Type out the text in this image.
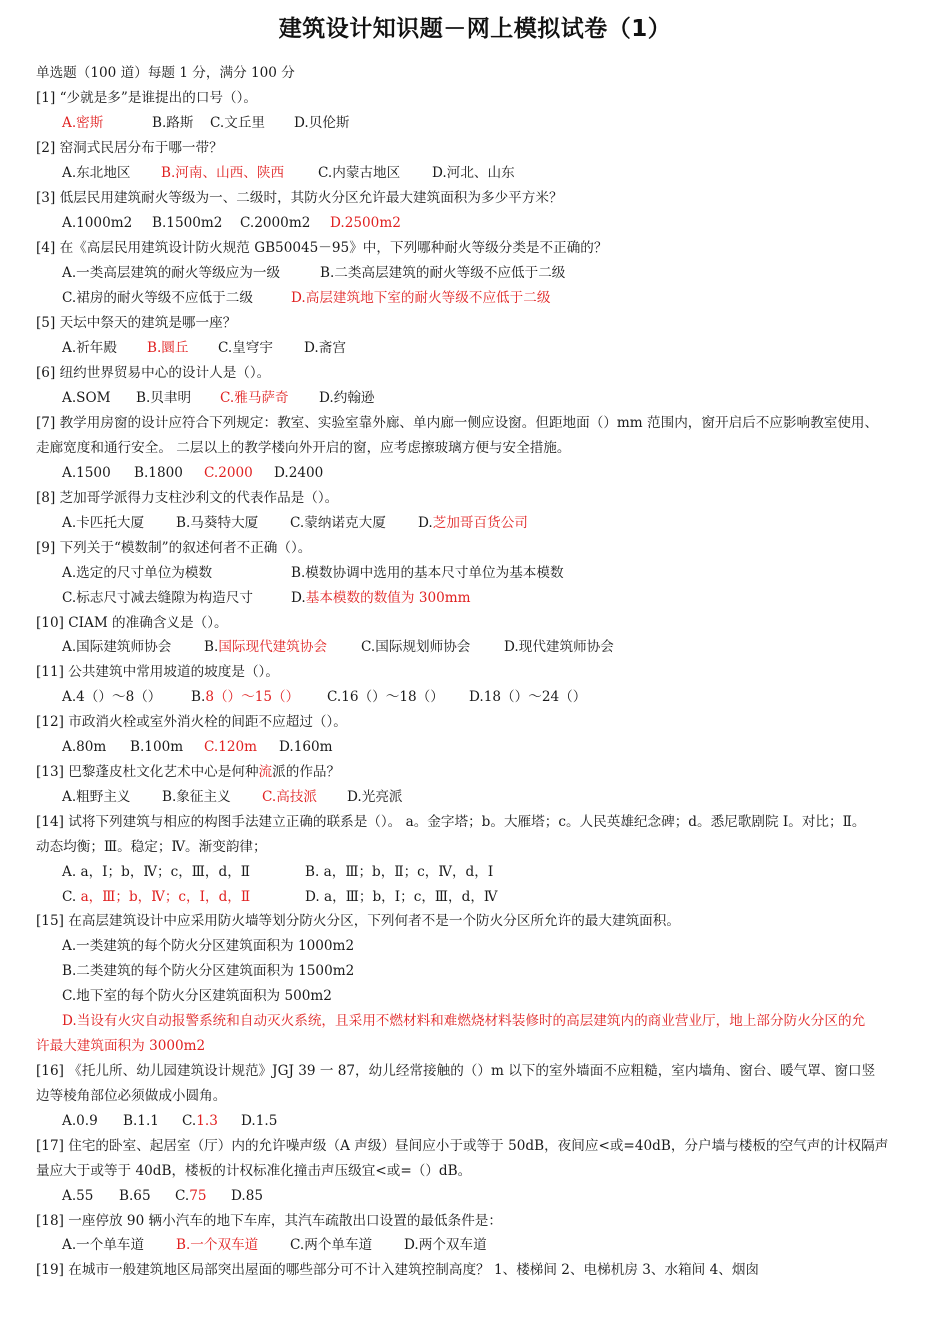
建筑设计知识题－网上模拟试卷（1）
单选题（100 道）每题 1 分，满分 100 分
[1] “少就是多”是谁提出的口号（）。
A.密斯	B.路斯 C.文丘里 D.贝伦斯
[2] 窑洞式民居分布于哪一带？
A.东北地区 B.河南、山西、陕西 C.内蒙古地区 D.河北、山东
[3] 低层民用建筑耐火等级为一、二级时，其防火分区允许最大建筑面积为多少平方米？
A.1000m2 B.1500m2 C.2000m2 D.2500m2
[4] 在《高层民用建筑设计防火规范 GB50045－95》中，下列哪种耐火等级分类是不正确的？
A.一类高层建筑的耐火等级应为一级	B.二类高层建筑的耐火等级不应低于二级
C.裙房的耐火等级不应低于二级	D.高层建筑地下室的耐火等级不应低于二级
[5] 天坛中祭天的建筑是哪一座？
A.祈年殿 B.圜丘 C.皇穹宇 D.斋宫
[6] 纽约世界贸易中心的设计人是（）。
A.SOM B.贝聿明 C.雅马萨奇 D.约翰逊
[7] 教学用房窗的设计应符合下列规定：教室、实验室靠外廊、单内廊一侧应设窗。但距地面（）mm 范围内，窗开启后不应影响教室使用、
走廊宽度和通行安全。 二层以上的教学楼向外开启的窗，应考虑擦玻璃方便与安全措施。
A.1500 B.1800 C.2000 D.2400
[8] 芝加哥学派得力支柱沙利文的代表作品是（）。
A.卡匹托大厦 B.马葵特大厦 C.蒙纳诺克大厦 D.芝加哥百货公司
[9] 下列关于“模数制”的叙述何者不正确（）。
A.选定的尺寸单位为模数	B.模数协调中选用的基本尺寸单位为基本模数
C.标志尺寸减去缝隙为构造尺寸	D.基本模数的数值为 300mm
[10] CIAM 的准确含义是（）。
A.国际建筑师协会 B.国际现代建筑协会 C.国际规划师协会 D.现代建筑师协会
[11] 公共建筑中常用坡道的坡度是（）。
A.4（）～8（） B.8（）～15（） C.16（）～18（） D.18（）～24（）
[12] 市政消火栓或室外消火栓的间距不应超过（）。
A.80m B.100m C.120m D.160m
[13] 巴黎蓬皮杜文化艺术中心是何种流派的作品？
A.粗野主义 B.象征主义 C.高技派 D.光亮派
[14] 试将下列建筑与相应的构图手法建立正确的联系是（）。 a。金字塔；b。大雁塔；c。人民英雄纪念碑；d。悉尼歌剧院 Ⅰ。对比；Ⅱ。
动态均衡；Ⅲ。稳定；Ⅳ。渐变韵律；
A. a，Ⅰ；b，Ⅳ；c，Ⅲ，d，Ⅱ	B. a，Ⅲ；b，Ⅱ；c，Ⅳ，d，Ⅰ
C. a，Ⅲ；b，Ⅳ；c，Ⅰ，d，Ⅱ	D. a，Ⅲ；b，Ⅰ；c，Ⅲ，d，Ⅳ
[15] 在高层建筑设计中应采用防火墙等划分防火分区，下列何者不是一个防火分区所允许的最大建筑面积。
A.一类建筑的每个防火分区建筑面积为 1000m2
B.二类建筑的每个防火分区建筑面积为 1500m2
C.地下室的每个防火分区建筑面积为 500m2
D.当设有火灾自动报警系统和自动灭火系统，且采用不燃材料和难燃烧材料装修时的高层建筑内的商业营业厅，地上部分防火分区的允
许最大建筑面积为 3000m2
[16] 《托儿所、幼儿园建筑设计规范》JGJ 39 一 87，幼儿经常接触的（）m 以下的室外墙面不应粗糙，室内墙角、窗台、暖气罩、窗口竖
边等棱角部位必须做成小圆角。
A.0.9 B.1.1 C.1.3 D.1.5
[17] 住宅的卧室、起居室（厅）内的允许噪声级（A 声级）昼间应小于或等于 50dB，夜间应<或=40dB，分户墙与楼板的空气声的计权隔声
量应大于或等于 40dB，楼板的计权标准化撞击声压级宜<或=（）dB。
A.55 B.65 C.75 D.85
[18] 一座停放 90 辆小汽车的地下车库，其汽车疏散出口设置的最低条件是：
A.一个单车道 B.一个双车道 C.两个单车道 D.两个双车道
[19] 在城市一般建筑地区局部突出屋面的哪些部分可不计入建筑控制高度？ 1、楼梯间 2、电梯机房 3、水箱间 4、烟囱
